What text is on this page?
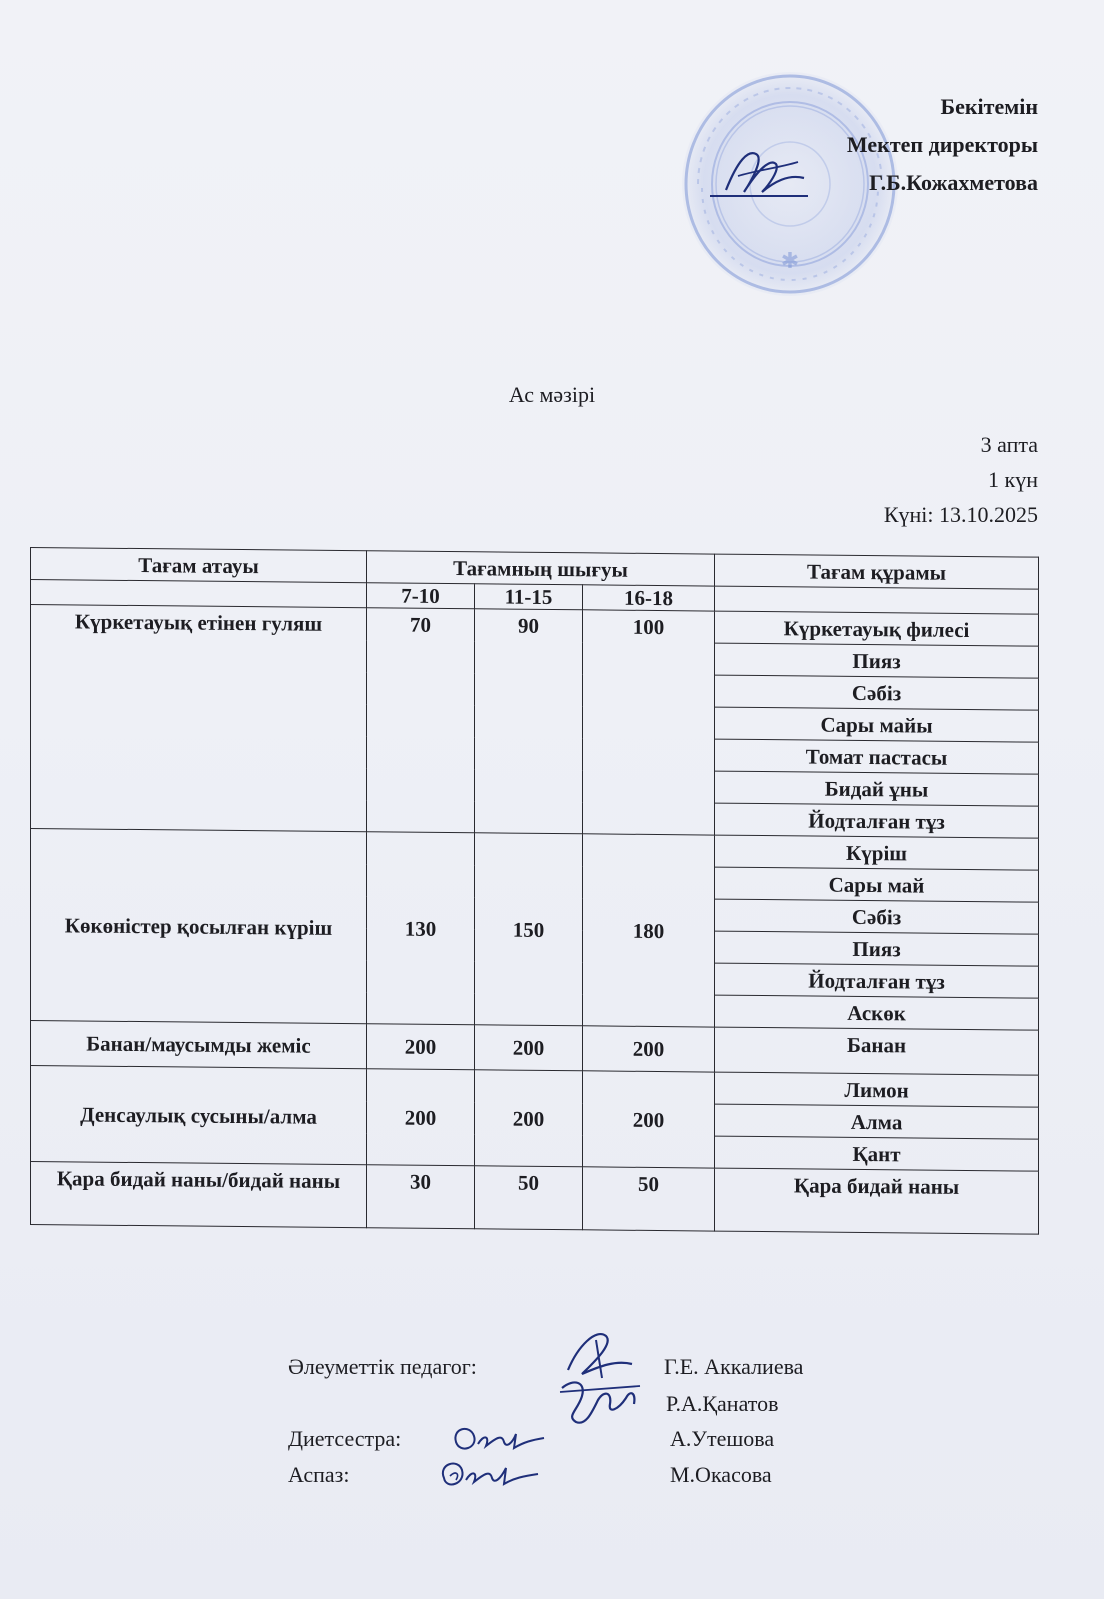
✱
Бекітемін
Мектеп директоры
Г.Б.Кожахметова
Ас мәзірі
3 апта
1 күн
Күні: 13.10.2025
Тағам атауы	Тағамның шығуы			Тағам құрамы
	7-10	11-15	16-18	
Күркетауық етінен гуляш	70	90	100	Күркетауық филесі
				Пияз
				Сәбіз
				Сары майы
				Томат пастасы
				Бидай ұны
				Йодталған тұз
Көкөністер қосылған күріш	130	150	180	Күріш
				Сары май
				Сәбіз
				Пияз
				Йодталған тұз
				Аскөк
Банан/маусымды жеміс	200	200	200	Банан
Денсаулық сусыны/алма	200	200	200	Лимон
				Алма
				Қант
Қара бидай наны/бидай наны	30	50	50	Қара бидай наны
Әлеуметтік педагог:	Г.Е. Аккалиева
Р.А.Қанатов
Диетсестра:	А.Утешова
Аспаз:	М.Окасова
